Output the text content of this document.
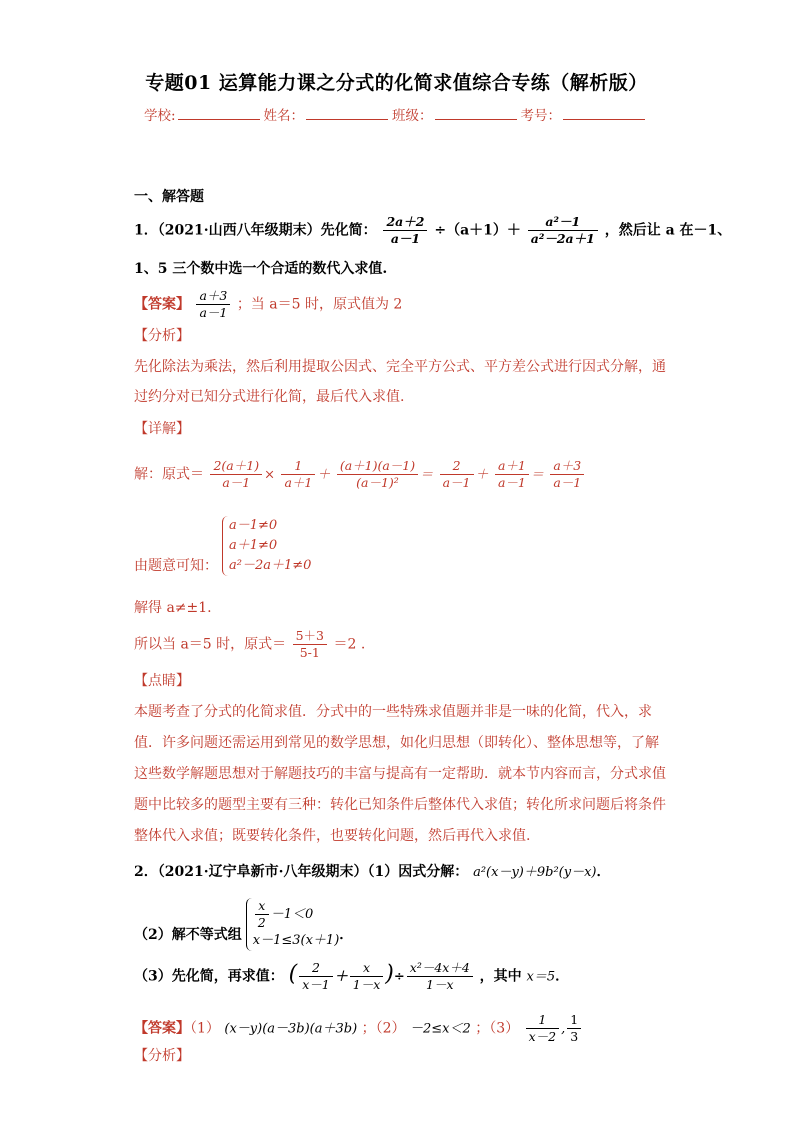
专题01 运算能力课之分式的化简求值综合专练（解析版）
学校:	姓名：	班级：	考号：
一、解答题
1．（2021·山西八年级期末）先化简： $\frac{2a+2}{a-1} \div(a+1)+ \frac{\text{a²－1}}{\text{a²－2a＋1}}$ ，然后让 a 在－1、
1、5 三个数中选一个合适的数代入求值.
【答案】 $\frac{a+3}{a-1}$ ；当 a＝5 时，原式值为 2
【分析】
先化除法为乘法，然后利用提取公因式、完全平方公式、平方差公式进行因式分解，通
过约分对已知分式进行化简，最后代入求值.
【详解】
解：原式＝ $\frac{2(a+1)}{a-1} \times \frac{1}{a+1} + \frac{(a+1)(a-1)}{\text{(a－1)²}} = \frac{2}{a-1} + \frac{a+1}{a-1} = \frac{a+3}{a-1}$
由题意可知：
a－1≠0
a＋1≠0
a²－2a＋1≠0
解得 a≠±1.
所以当 a＝5 时，原式＝ $\frac{5+3}{5-1} =2$ .
【点睛】
本题考查了分式的化简求值．分式中的一些特殊求值题并非是一味的化简，代入，求
值．许多问题还需运用到常见的数学思想，如化归思想（即转化）、整体思想等，了解
这些数学解题思想对于解题技巧的丰富与提高有一定帮助．就本节内容而言，分式求值
题中比较多的题型主要有三种：转化已知条件后整体代入求值；转化所求问题后将条件
整体代入求值；既要转化条件，也要转化问题，然后再代入求值.
2．（2021·辽宁阜新市·八年级期末）（1）因式分解： a²(x－y)＋9b²(y－x)．
（2）解不等式组
$\frac{x}{2} -1<0$
x－1≤3(x＋1) ．
（3）先化简，再求值： ( $\frac{2}{x-1} + \frac{x}{1-x}$ )÷ $\frac{\text{x²－4x＋4}}{1-x}$ ，其中 x＝5．
【答案】（1） (x－y)(a－3b)(a＋3b) ；（2） －2≤x＜2 ；$(3) \frac{1}{x-2}$ , $\frac{1}{3}$
【分析】
